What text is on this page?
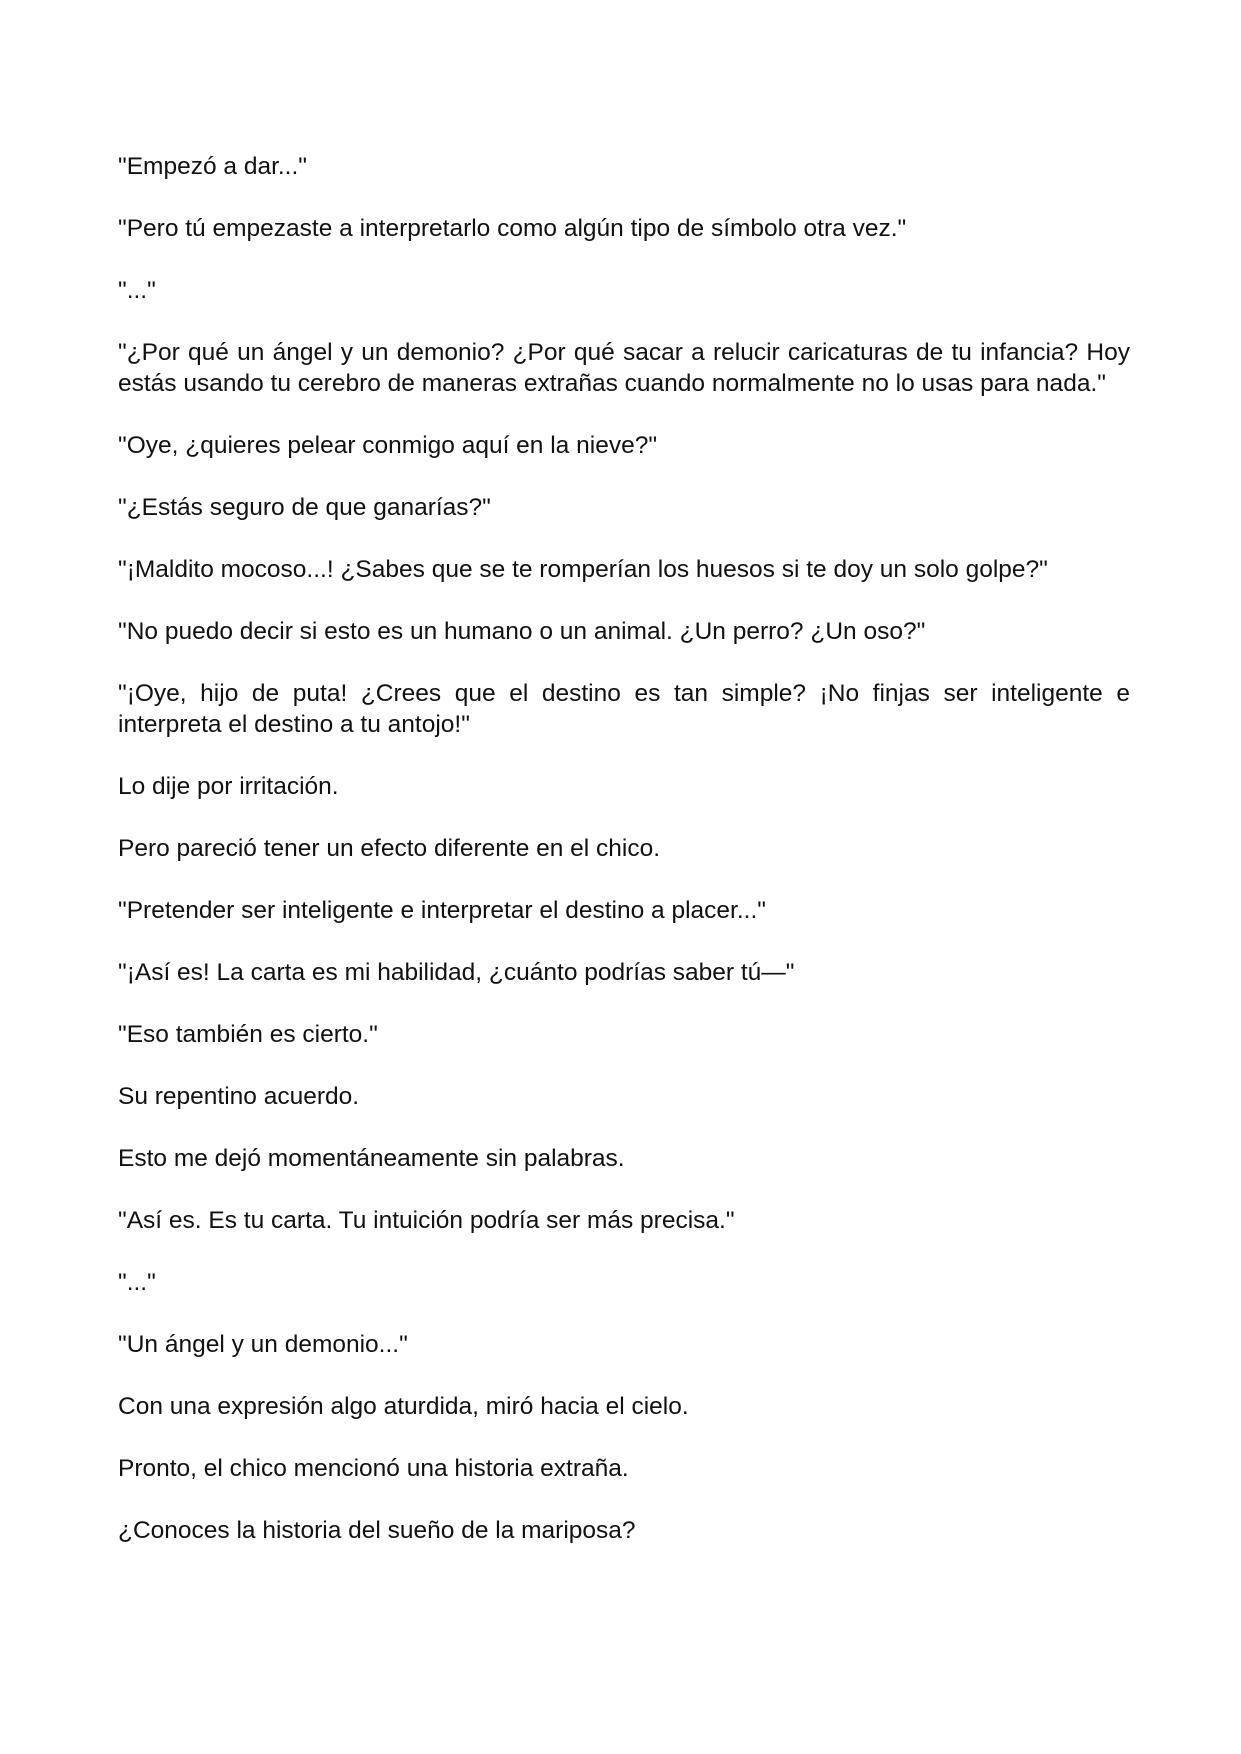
"Empezó a dar..."

"Pero tú empezaste a interpretarlo como algún tipo de símbolo otra vez."

"..."

"¿Por qué un ángel y un demonio? ¿Por qué sacar a relucir caricaturas de tu infancia? Hoy estás usando tu cerebro de maneras extrañas cuando normalmente no lo usas para nada."

"Oye, ¿quieres pelear conmigo aquí en la nieve?"

"¿Estás seguro de que ganarías?"

"¡Maldito mocoso...! ¿Sabes que se te romperían los huesos si te doy un solo golpe?"

"No puedo decir si esto es un humano o un animal. ¿Un perro? ¿Un oso?"

"¡Oye, hijo de puta! ¿Crees que el destino es tan simple? ¡No finjas ser inteligente e interpreta el destino a tu antojo!"

Lo dije por irritación.

Pero pareció tener un efecto diferente en el chico.

"Pretender ser inteligente e interpretar el destino a placer..."

"¡Así es! La carta es mi habilidad, ¿cuánto podrías saber tú—"

"Eso también es cierto."

Su repentino acuerdo.

Esto me dejó momentáneamente sin palabras.

"Así es. Es tu carta. Tu intuición podría ser más precisa."

"..."

"Un ángel y un demonio..."

Con una expresión algo aturdida, miró hacia el cielo.

Pronto, el chico mencionó una historia extraña.

¿Conoces la historia del sueño de la mariposa?
